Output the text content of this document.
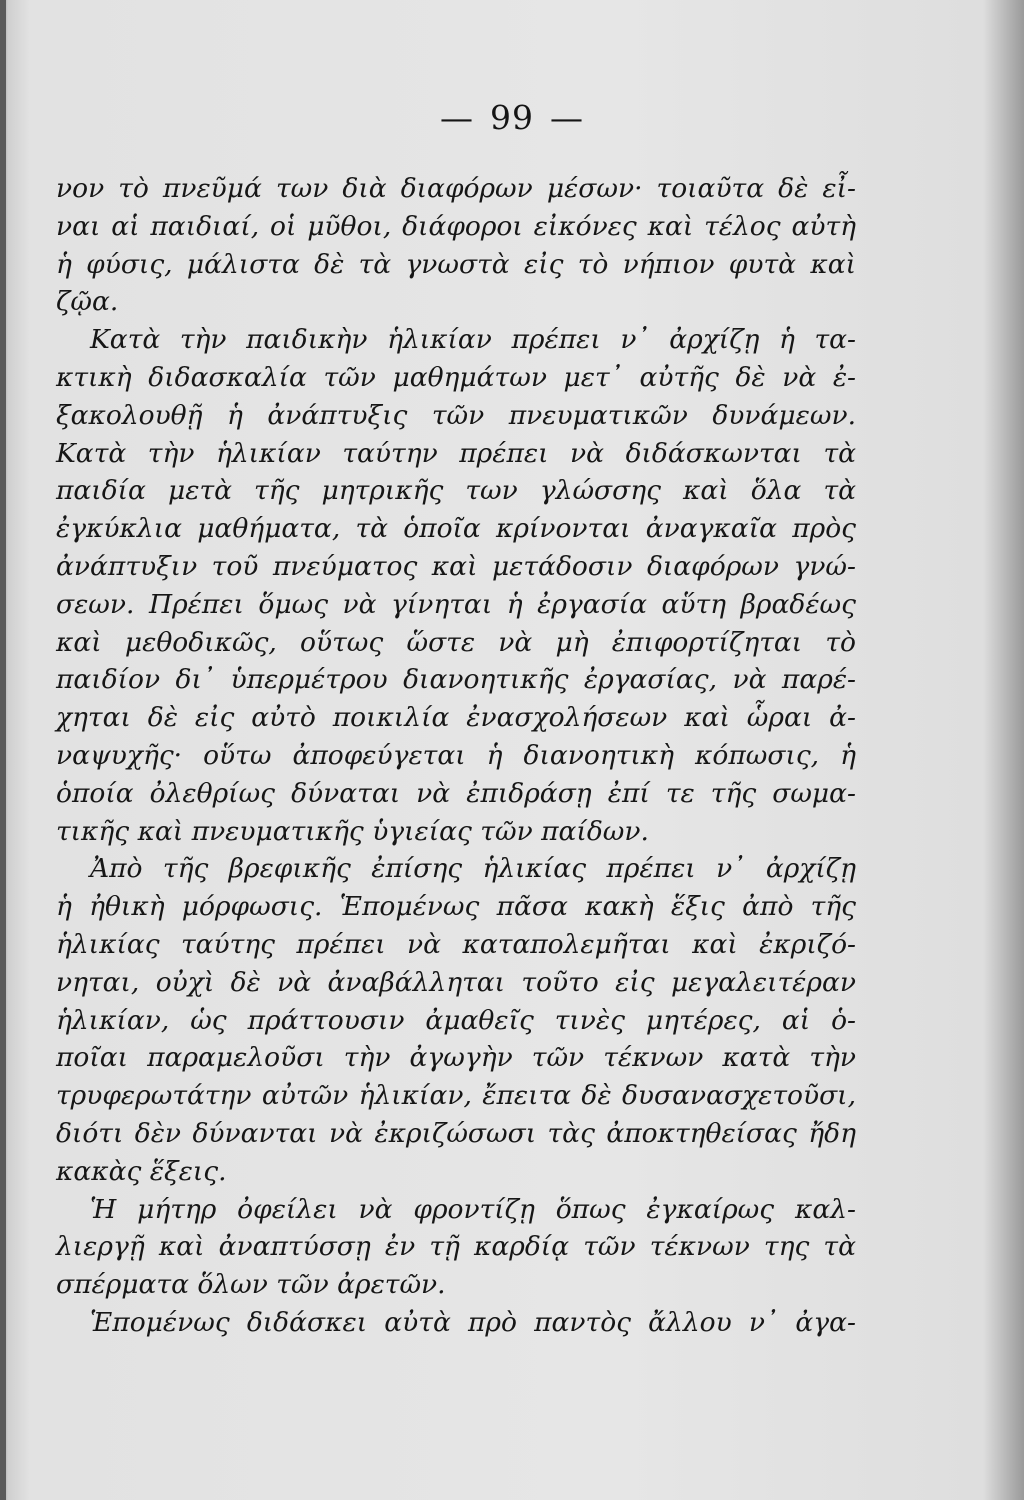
— 99 —
νον τὸ πνεῦμά των διὰ διαφόρων μέσων· τοιαῦτα δὲ εἶ-
ναι αἱ παιδιαί, οἱ μῦθοι, διάφοροι εἰκόνες καὶ τέλος αὐτὴ
ἡ φύσις, μάλιστα δὲ τὰ γνωστὰ εἰς τὸ νήπιον φυτὰ καὶ
ζῷα.
Κατὰ τὴν παιδικὴν ἡλικίαν πρέπει ν᾽ ἀρχίζῃ ἡ τα-
κτικὴ διδασκαλία τῶν μαθημάτων μετ᾽ αὐτῆς δὲ νὰ ἐ-
ξακολουθῇ ἡ ἀνάπτυξις τῶν πνευματικῶν δυνάμεων.
Κατὰ τὴν ἡλικίαν ταύτην πρέπει νὰ διδάσκωνται τὰ
παιδία μετὰ τῆς μητρικῆς των γλώσσης καὶ ὅλα τὰ
ἐγκύκλια μαθήματα, τὰ ὁποῖα κρίνονται ἀναγκαῖα πρὸς
ἀνάπτυξιν τοῦ πνεύματος καὶ μετάδοσιν διαφόρων γνώ-
σεων. Πρέπει ὅμως νὰ γίνηται ἡ ἐργασία αὕτη βραδέως
καὶ μεθοδικῶς, οὕτως ὥστε νὰ μὴ ἐπιφορτίζηται τὸ
παιδίον δι᾽ ὑπερμέτρου διανοητικῆς ἐργασίας, νὰ παρέ-
χηται δὲ εἰς αὐτὸ ποικιλία ἐνασχολήσεων καὶ ὧραι ἀ-
ναψυχῆς· οὕτω ἀποφεύγεται ἡ διανοητικὴ κόπωσις, ἡ
ὁποία ὀλεθρίως δύναται νὰ ἐπιδράσῃ ἐπί τε τῆς σωμα-
τικῆς καὶ πνευματικῆς ὑγιείας τῶν παίδων.
Ἀπὸ τῆς βρεφικῆς ἐπίσης ἡλικίας πρέπει ν᾽ ἀρχίζῃ
ἡ ἠθικὴ μόρφωσις. Ἑπομένως πᾶσα κακὴ ἕξις ἀπὸ τῆς
ἡλικίας ταύτης πρέπει νὰ καταπολεμῆται καὶ ἐκριζό-
νηται, οὐχὶ δὲ νὰ ἀναβάλληται τοῦτο εἰς μεγαλειτέραν
ἡλικίαν, ὡς πράττουσιν ἀμαθεῖς τινὲς μητέρες, αἱ ὁ-
ποῖαι παραμελοῦσι τὴν ἀγωγὴν τῶν τέκνων κατὰ τὴν
τρυφερωτάτην αὐτῶν ἡλικίαν, ἔπειτα δὲ δυσανασχετοῦσι,
διότι δὲν δύνανται νὰ ἐκριζώσωσι τὰς ἀποκτηθείσας ἤδη
κακὰς ἕξεις.
Ἡ μήτηρ ὀφείλει νὰ φροντίζῃ ὅπως ἐγκαίρως καλ-
λιεργῇ καὶ ἀναπτύσσῃ ἐν τῇ καρδίᾳ τῶν τέκνων της τὰ
σπέρματα ὅλων τῶν ἀρετῶν.
Ἑπομένως διδάσκει αὐτὰ πρὸ παντὸς ἄλλου ν᾽ ἀγα-
